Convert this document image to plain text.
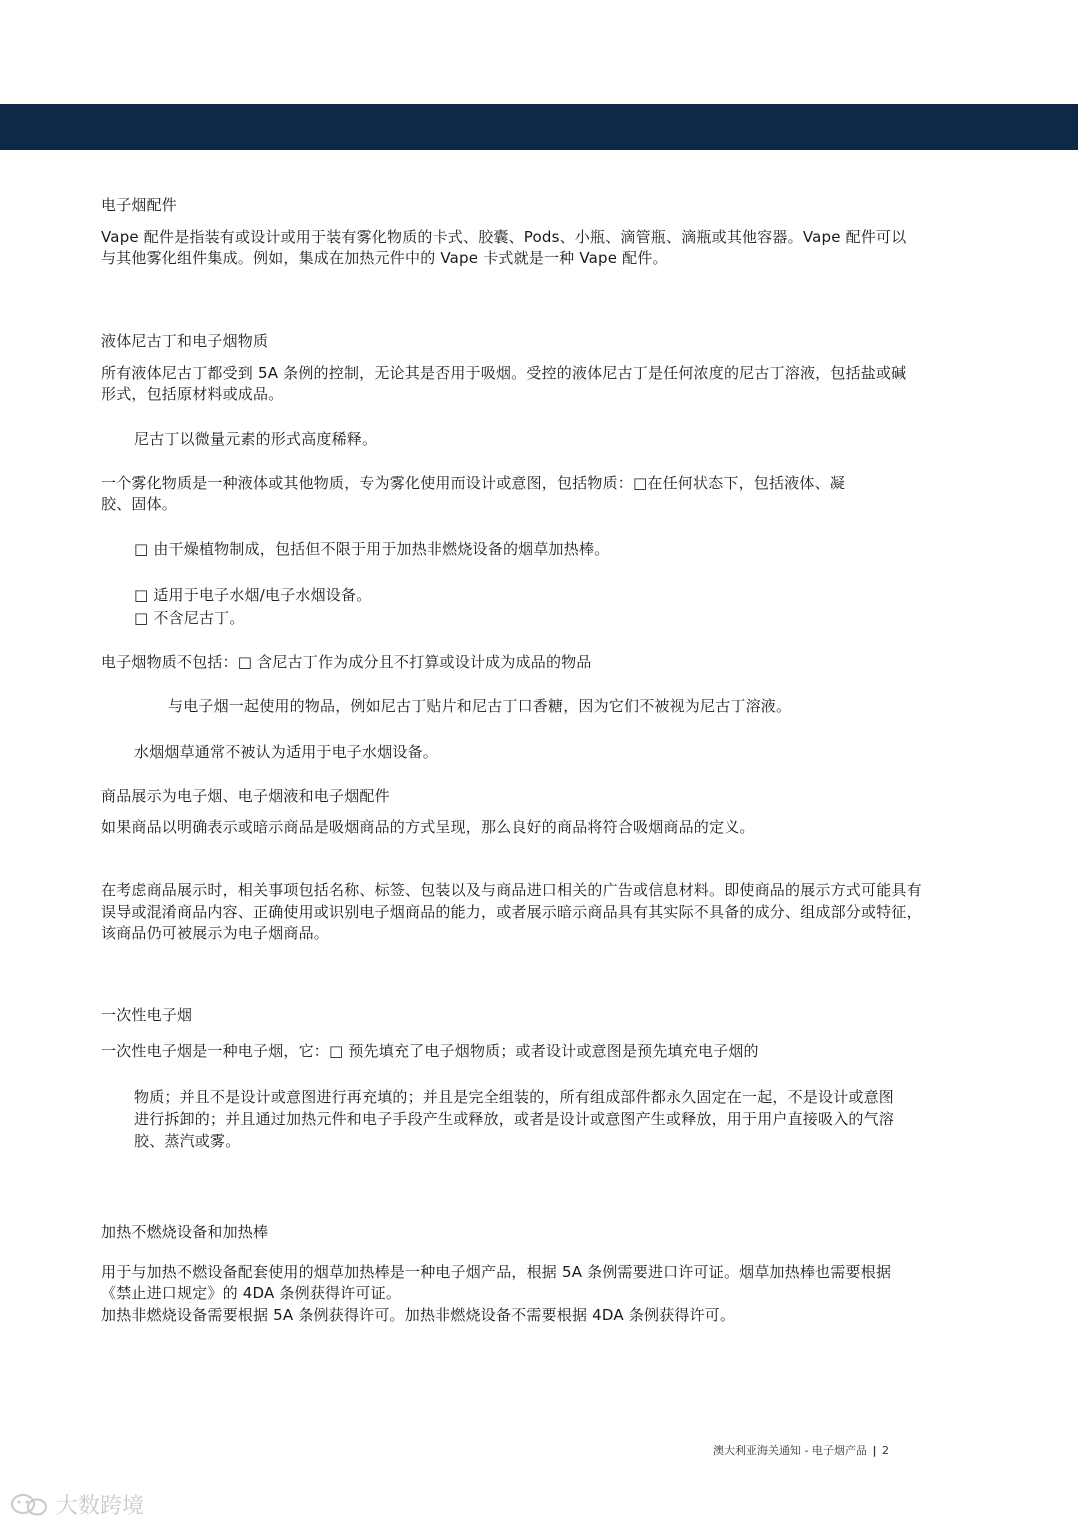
电子烟配件

Vape 配件是指装有或设计或用于装有雾化物质的卡式、胶囊、Pods、小瓶、滴管瓶、滴瓶或其他容器。Vape 配件可以

与其他雾化组件集成。例如，集成在加热元件中的 Vape 卡式就是一种 Vape 配件。

液体尼古丁和电子烟物质

所有液体尼古丁都受到 5A 条例的控制，无论其是否用于吸烟。受控的液体尼古丁是任何浓度的尼古丁溶液，包括盐或碱

形式，包括原材料或成品。

尼古丁以微量元素的形式高度稀释。

一个雾化物质是一种液体或其他物质，专为雾化使用而设计或意图，包括物质：□在任何状态下，包括液体、凝

胶、固体。

□ 由干燥植物制成，包括但不限于用于加热非燃烧设备的烟草加热棒。

□ 适用于电子水烟/电子水烟设备。

□ 不含尼古丁。

电子烟物质不包括：□ 含尼古丁作为成分且不打算或设计成为成品的物品

与电子烟一起使用的物品，例如尼古丁贴片和尼古丁口香糖，因为它们不被视为尼古丁溶液。

水烟烟草通常不被认为适用于电子水烟设备。

商品展示为电子烟、电子烟液和电子烟配件

如果商品以明确表示或暗示商品是吸烟商品的方式呈现，那么良好的商品将符合吸烟商品的定义。

在考虑商品展示时，相关事项包括名称、标签、包装以及与商品进口相关的广告或信息材料。即使商品的展示方式可能具有

误导或混淆商品内容、正确使用或识别电子烟商品的能力，或者展示暗示商品具有其实际不具备的成分、组成部分或特征，

该商品仍可被展示为电子烟商品。

一次性电子烟

一次性电子烟是一种电子烟，它：□ 预先填充了电子烟物质；或者设计或意图是预先填充电子烟的

物质；并且不是设计或意图进行再充填的；并且是完全组装的，所有组成部件都永久固定在一起，不是设计或意图

进行拆卸的；并且通过加热元件和电子手段产生或释放，或者是设计或意图产生或释放，用于用户直接吸入的气溶

胶、蒸汽或雾。

加热不燃烧设备和加热棒

用于与加热不燃设备配套使用的烟草加热棒是一种电子烟产品，根据 5A 条例需要进口许可证。烟草加热棒也需要根据

《禁止进口规定》的 4DA 条例获得许可证。

加热非燃烧设备需要根据 5A 条例获得许可。加热非燃烧设备不需要根据 4DA 条例获得许可。

澳大利亚海关通知 - 电子烟产品 | 2
大数跨境
